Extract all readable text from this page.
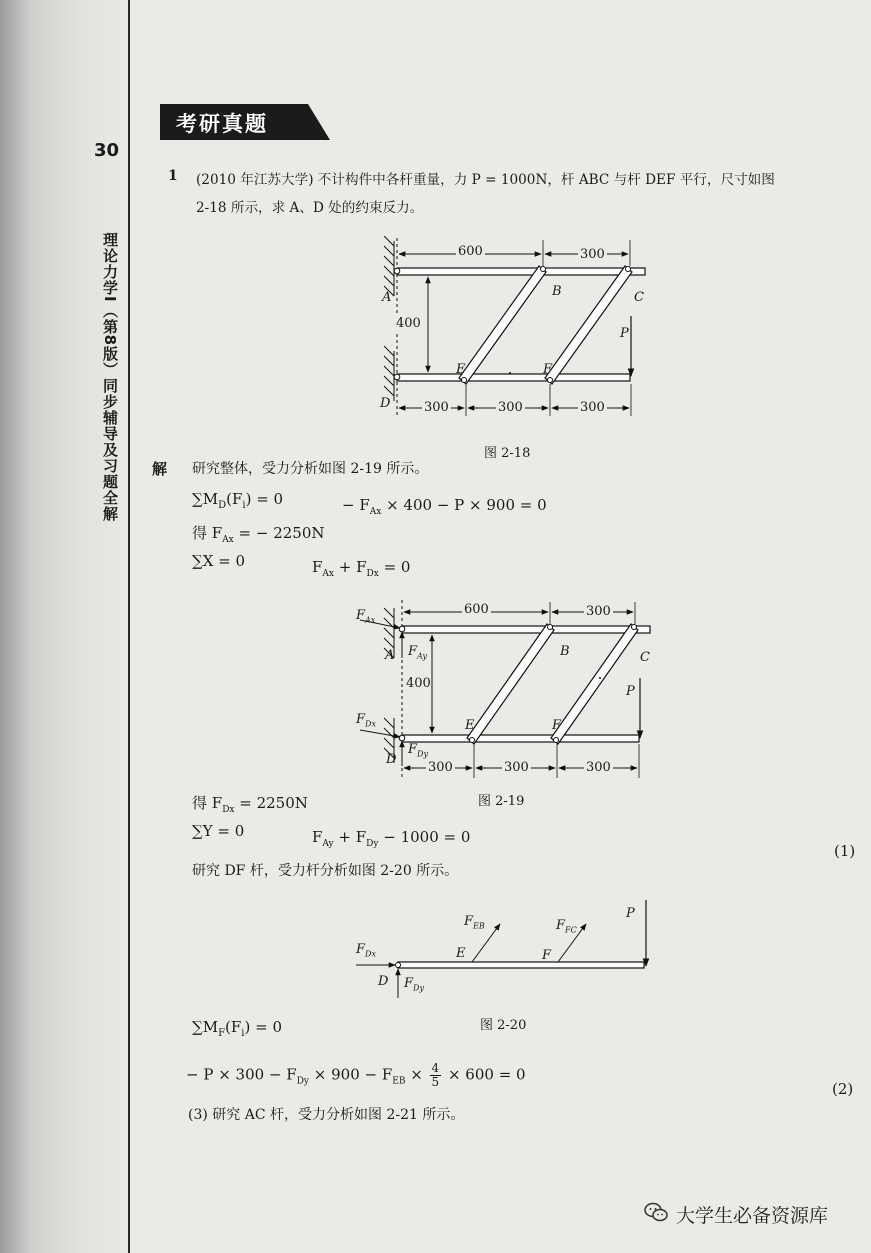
30
理论力学I（第8版）同步辅导及习题全解
考研真题
1 (2010 年江苏大学) 不计构件中各杆重量，力 P = 1000N，杆 ABC 与杆 DEF 平行，尺寸如图
2-18 所示，求 A、D 处的约束反力。
600	300
400
300	300	300
A	B	C
D
E	F
P
图 2-18
解 研究整体，受力分析如图 2-19 所示。
$\sum M_D(F_i) = 0$	− $F_{Ax} \times 400 - P \times 900 = 0$
得 $F_{Ax}$ = − 2250N
∑X = 0	$F_{Ax} + F_{Dx} = 0$
600	300
400
300	300	300
A	B	C
D
E	F
P
$F_{Ax}$
$F_{Ay}$
$F_{Dx}$
$F_{Dy}$
得 $F_{Dx} = 2250N$	图 2-19
∑Y = 0	$F_{Ay} + F_{Dy} - 1000 = 0$
(1)
研究 DF 杆，受力杆分析如图 2-20 所示。
$F_{Dx}$
D $F_{Dy}$
E	F
$F_{EB}$	$F_{FC}$
P
图 2-20
$\sum M_F(F_i) = 0$
− $P \times 300 - F_{Dy} \times 900 - F_{EB} \times \frac{4}{5} \times 600 = 0$
(2)
(3) 研究 AC 杆，受力分析如图 2-21 所示。
大学生必备资源库
